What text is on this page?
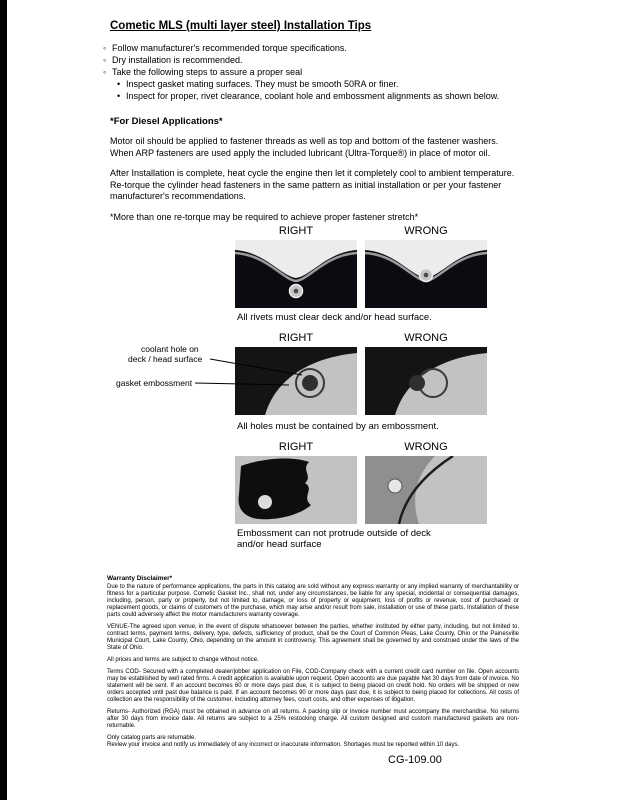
Cometic MLS (multi layer steel) Installation Tips
◦ Follow manufacturer's recommended torque specifications.
◦ Dry installation is recommended.
◦ Take the following steps to assure a proper seal
• Inspect gasket mating surfaces. They must be smooth 50RA or finer.
• Inspect for proper, rivet clearance, coolant hole and embossment alignments as shown below.
*For Diesel Applications*
Motor oil should be applied to fastener threads as well as top and bottom of the fastener washers. When ARP fasteners are used apply the included lubricant (Ultra-Torque®) in place of motor oil.
After Installation is complete, heat cycle the engine then let it completely cool to ambient temperature. Re-torque the cylinder head fasteners in the same pattern as initial installation or per your fastener manufacturer's recommendations.
*More than one re-torque may be required to achieve proper fastener stretch*
RIGHT	WRONG
All rivets must clear deck and/or head surface.
RIGHT	WRONG
coolant hole on
deck / head surface
gasket embossment
All holes must be contained by an embossment.
RIGHT	WRONG
Embossment can not protrude outside of deck
and/or head surface
Warranty Disclaimer*
Due to the nature of performance applications, the parts in this catalog are sold without any express warranty or any implied warranty of merchantability or fitness for a particular purpose. Cometic Gasket Inc., shall not, under any circumstances, be liable for any special, incidental or consequential damages, including, person, party or property, but not limited to, damage, or loss of property or equipment, loss of profits or revenue, cost of purchased or replacement goods, or claims of customers of the purchase, which may arise and/or result from sale, installation or use of these parts. Installation of these parts could adversely affect the motor manufacturers warranty coverage.
VENUE-The agreed upon venue, in the event of dispute whatsoever between the parties, whether instituted by either party, including, but not limited to, contract terms, payment terms, delivery, type, defects, sufficiency of product, shall be the Court of Common Pleas, Lake County, Ohio or the Painesville Municipal Court, Lake County, Ohio, depending on the amount in controversy. This agreement shall be governed by and construed under the laws of the State of Ohio.
All prices and terms are subject to change without notice.
Terms COD- Secured with a completed dealer/jobber application on File, COD-Company check with a current credit card number on file. Open accounts may be established by well rated firms. A credit application is available upon request. Open accounts are due payable Net 30 days from date of invoice. No statement will be sent. If an account becomes 60 or more days past due, it is subject to being placed on credit hold. No orders will be shipped or new orders accepted until past due balance is paid. If an account becomes 90 or more days past due, it is subject to being placed for collections. All costs of collection are the responsibility of the customer, including attorney fees, court costs, and other expenses of litigation.
Returns- Authorized (RGA) must be obtained in advance on all returns. A packing slip or invoice number must accompany the merchandise. No returns after 30 days from invoice date. All returns are subject to a 25% restocking charge. All custom designed and custom manufactured gaskets are non-returnable.
Only catalog parts are returnable.
Review your invoice and notify us immediately of any incorrect or inaccurate information. Shortages must be reported within 10 days.
CG-109.00
